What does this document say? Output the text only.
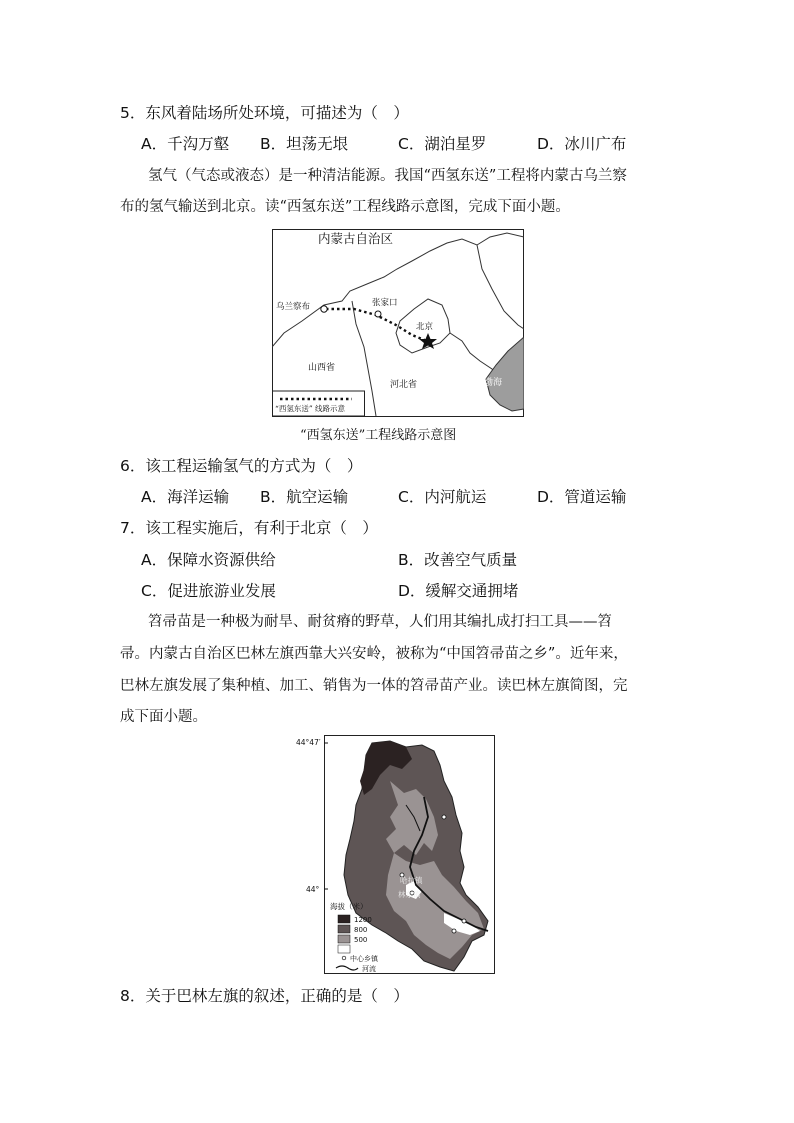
5．东风着陆场所处环境，可描述为（　）
A．千沟万壑 B．坦荡无垠	C．湖泊星罗	D．冰川广布
氢气（气态或液态）是一种清洁能源。我国“西氢东送”工程将内蒙古乌兰察
布的氢气输送到北京。读“西氢东送”工程线路示意图，完成下面小题。
内蒙古自治区
乌兰察布	张家口
北京
山西省
河北省	渤海
“西氢东送” 线路示意
“西氢东送”工程线路示意图
6．该工程运输氢气的方式为（　）
A．海洋运输 B．航空运输	C．内河航运	D．管道运输
7．该工程实施后，有利于北京（　）
A．保障水资源供给	B．改善空气质量
C．促进旅游业发展	D．缓解交通拥堵
笤帚苗是一种极为耐旱、耐贫瘠的野草，人们用其编扎成打扫工具——笤
帚。内蒙古自治区巴林左旗西靠大兴安岭，被称为“中国笤帚苗之乡”。近年来，
巴林左旗发展了集种植、加工、销售为一体的笤帚苗产业。读巴林左旗简图，完
成下面小题。
44°47′
44°
哈拉镇
林东镇
海拔（米）
1200
800
500
中心乡镇
河流
8．关于巴林左旗的叙述，正确的是（　）
